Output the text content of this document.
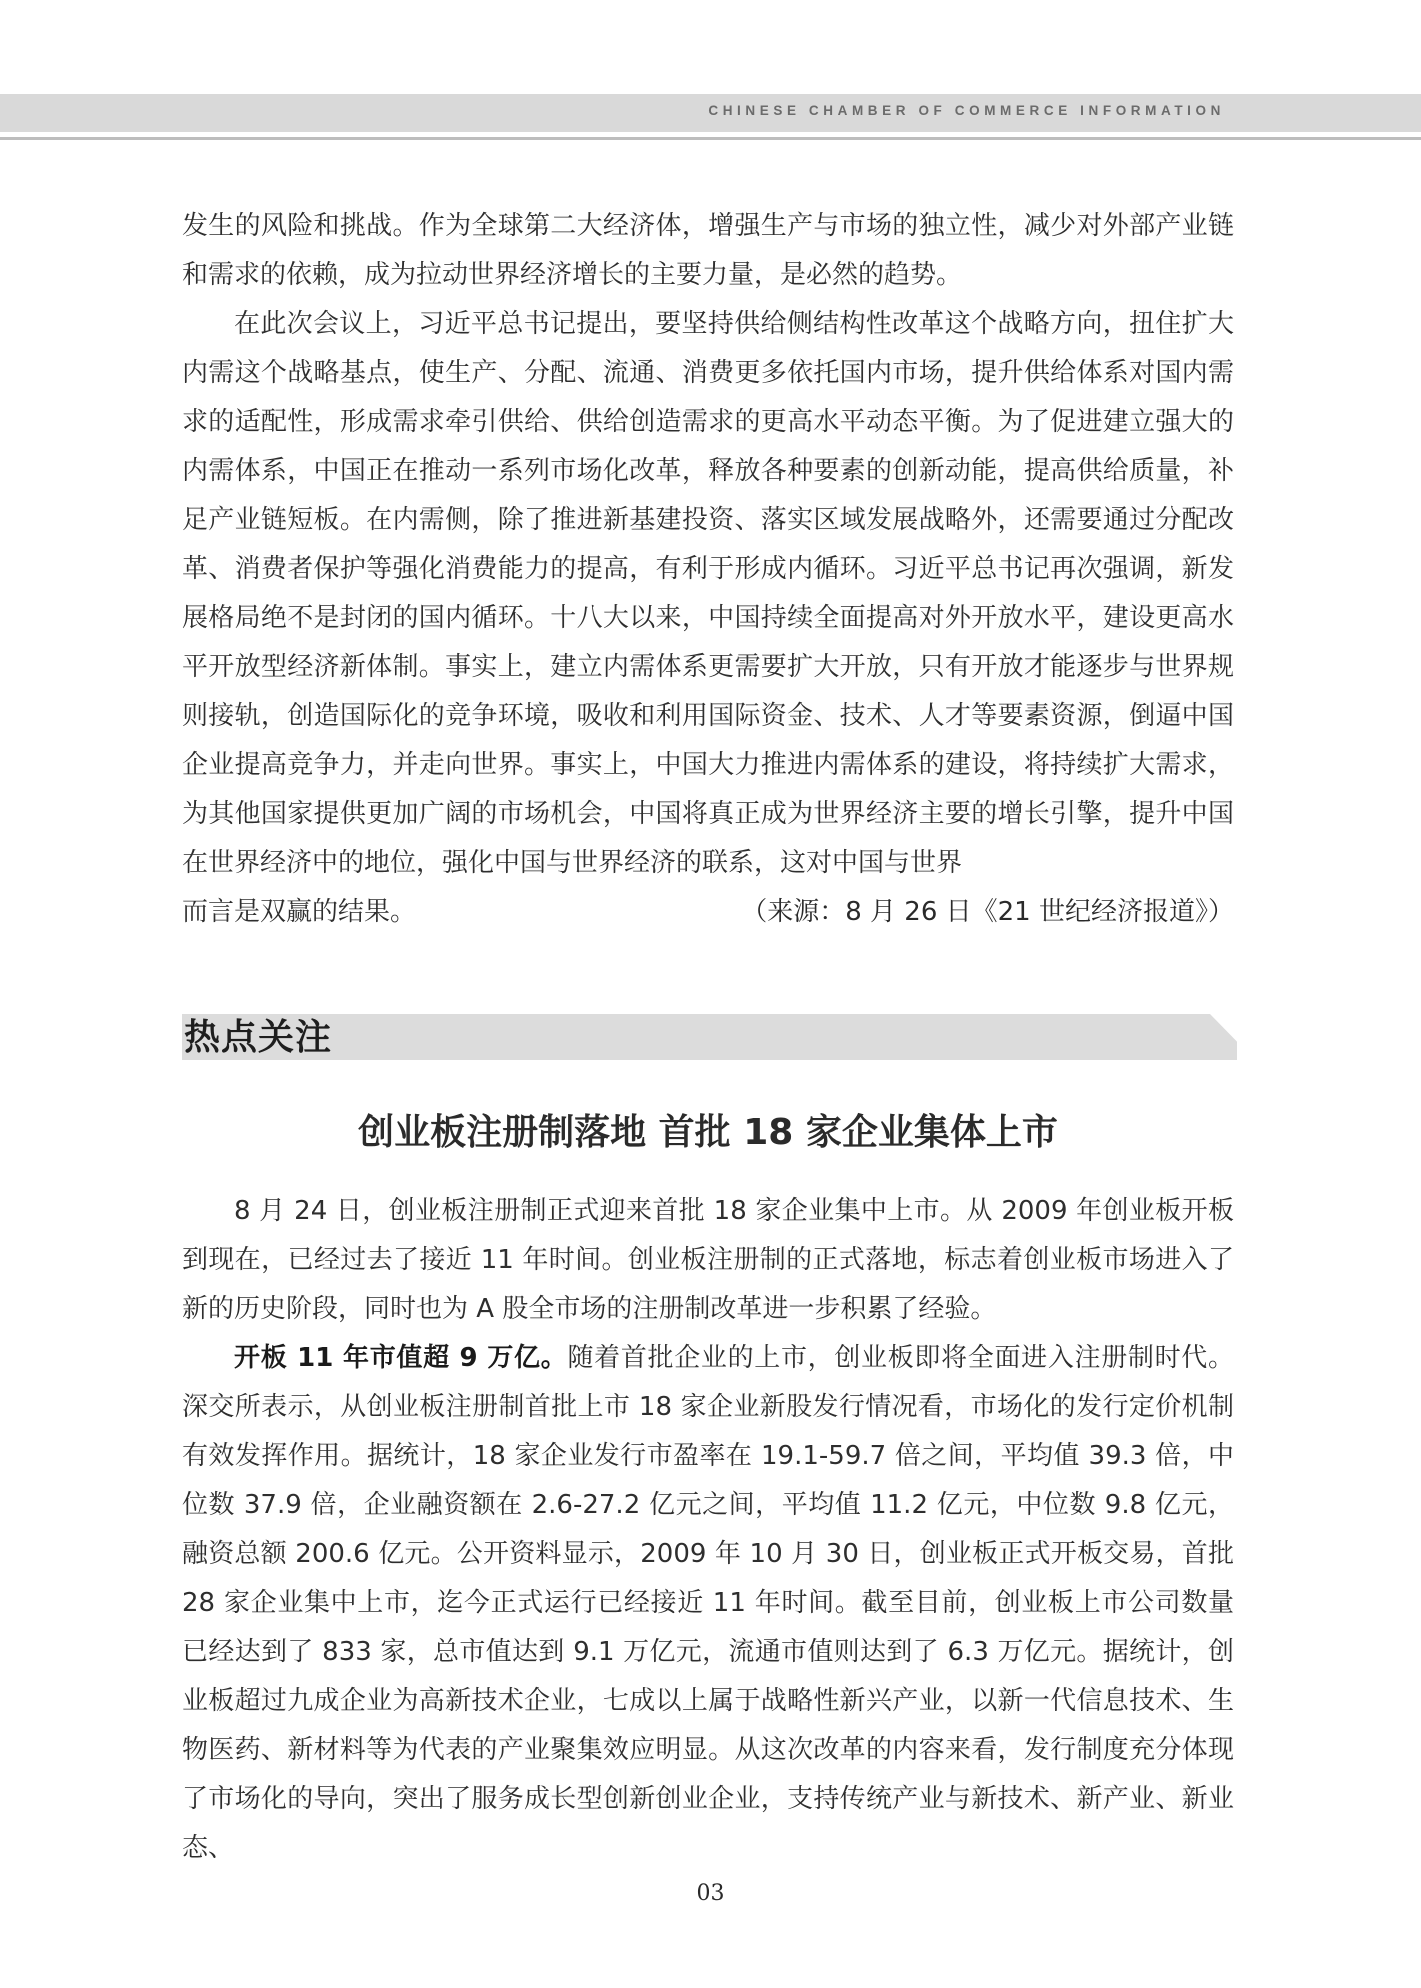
CHINESE CHAMBER OF COMMERCE INFORMATION

发生的风险和挑战。作为全球第二大经济体，增强生产与市场的独立性，减少对外部产业链和需求的依赖，成为拉动世界经济增长的主要力量，是必然的趋势。

在此次会议上，习近平总书记提出，要坚持供给侧结构性改革这个战略方向，扭住扩大内需这个战略基点，使生产、分配、流通、消费更多依托国内市场，提升供给体系对国内需求的适配性，形成需求牵引供给、供给创造需求的更高水平动态平衡。为了促进建立强大的内需体系，中国正在推动一系列市场化改革，释放各种要素的创新动能，提高供给质量，补足产业链短板。在内需侧，除了推进新基建投资、落实区域发展战略外，还需要通过分配改革、消费者保护等强化消费能力的提高，有利于形成内循环。习近平总书记再次强调，新发展格局绝不是封闭的国内循环。十八大以来，中国持续全面提高对外开放水平，建设更高水平开放型经济新体制。事实上，建立内需体系更需要扩大开放，只有开放才能逐步与世界规则接轨，创造国际化的竞争环境，吸收和利用国际资金、技术、人才等要素资源，倒逼中国企业提高竞争力，并走向世界。事实上，中国大力推进内需体系的建设，将持续扩大需求，为其他国家提供更加广阔的市场机会，中国将真正成为世界经济主要的增长引擎，提升中国在世界经济中的地位，强化中国与世界经济的联系，这对中国与世界

而言是双赢的结果。	（来源：8 月 26 日《21 世纪经济报道》）
热点关注
创业板注册制落地 首批 18 家企业集体上市

8 月 24 日，创业板注册制正式迎来首批 18 家企业集中上市。从 2009 年创业板开板到现在，已经过去了接近 11 年时间。创业板注册制的正式落地，标志着创业板市场进入了新的历史阶段，同时也为 A 股全市场的注册制改革进一步积累了经验。

开板 11 年市值超 9 万亿。随着首批企业的上市，创业板即将全面进入注册制时代。深交所表示，从创业板注册制首批上市 18 家企业新股发行情况看，市场化的发行定价机制有效发挥作用。据统计，18 家企业发行市盈率在 19.1-59.7 倍之间，平均值 39.3 倍，中位数 37.9 倍，企业融资额在 2.6-27.2 亿元之间，平均值 11.2 亿元，中位数 9.8 亿元，融资总额 200.6 亿元。公开资料显示，2009 年 10 月 30 日，创业板正式开板交易，首批 28 家企业集中上市，迄今正式运行已经接近 11 年时间。截至目前，创业板上市公司数量已经达到了 833 家，总市值达到 9.1 万亿元，流通市值则达到了 6.3 万亿元。据统计，创业板超过九成企业为高新技术企业，七成以上属于战略性新兴产业，以新一代信息技术、生物医药、新材料等为代表的产业聚集效应明显。从这次改革的内容来看，发行制度充分体现了市场化的导向，突出了服务成长型创新创业企业，支持传统产业与新技术、新产业、新业态、

03
